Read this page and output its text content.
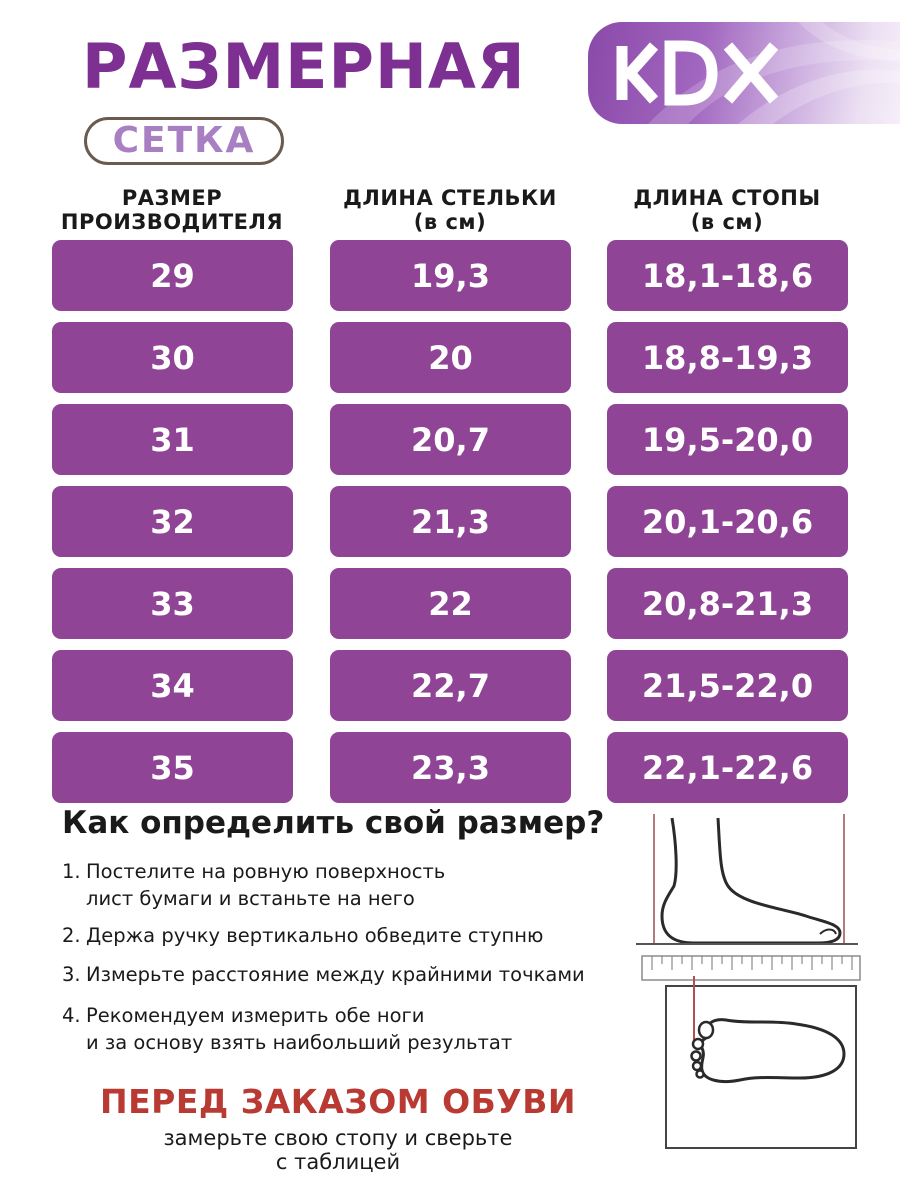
РАЗМЕРНАЯ
СЕТКА
KDX
РАЗМЕР
ПРОИЗВОДИТЕЛЯ
ДЛИНА СТЕЛЬКИ
(в см)
ДЛИНА СТОПЫ
(в см)
29	19,3	18,1-18,6
30	20	18,8-19,3
31	20,7	19,5-20,0
32	21,3	20,1-20,6
33	22	20,8-21,3
34	22,7	21,5-22,0
35	23,3	22,1-22,6
Как определить свой размер?
1. Постелите на ровную поверхность
лист бумаги и встаньте на него
2. Держа ручку вертикально обведите ступню
3. Измерьте расстояние между крайними точками
4. Рекомендуем измерить обе ноги
и за основу взять наибольший результат
ПЕРЕД ЗАКАЗОМ ОБУВИ
замерьте свою стопу и сверьте
с таблицей
